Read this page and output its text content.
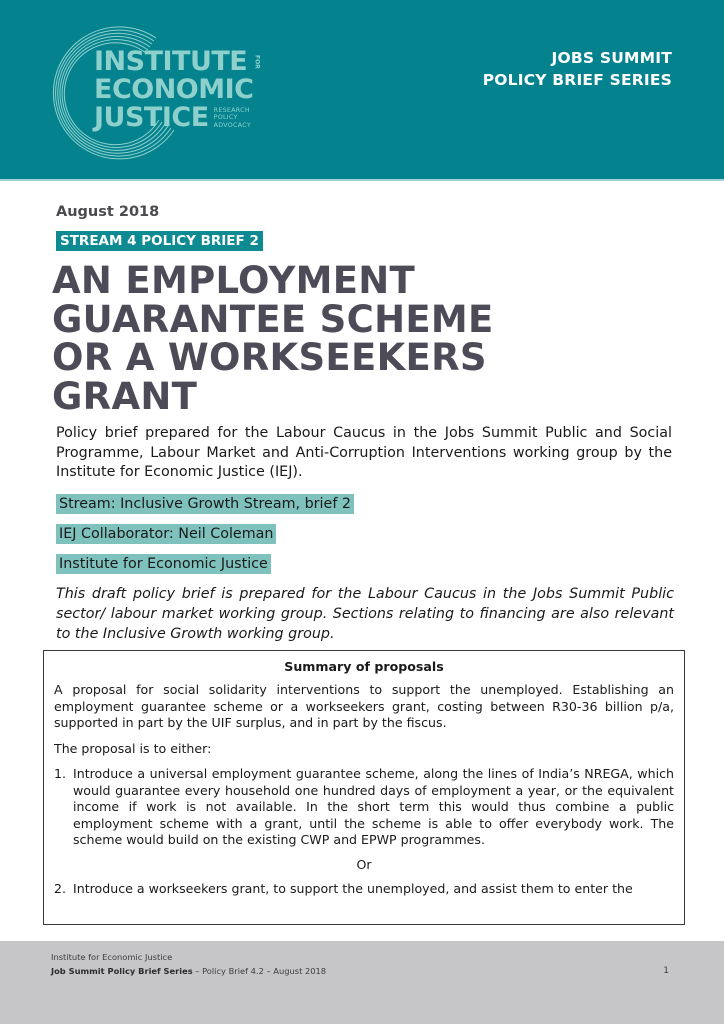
INSTITUTE	FOR
ECONOMIC
JUSTICE RESEARCH
POLICY
ADVOCACY
JOBS SUMMIT
POLICY BRIEF SERIES
August 2018
STREAM 4 POLICY BRIEF 2
AN EMPLOYMENT
GUARANTEE SCHEME
OR A WORKSEEKERS
GRANT
Policy brief prepared for the Labour Caucus in the Jobs Summit Public and Social Programme, Labour Market and Anti-Corruption Interventions working group by the Institute for Economic Justice (IEJ).
Stream: Inclusive Growth Stream, brief 2
IEJ Collaborator: Neil Coleman
Institute for Economic Justice
This draft policy brief is prepared for the Labour Caucus in the Jobs Summit Public sector/ labour market working group. Sections relating to financing are also relevant to the Inclusive Growth working group.
Summary of proposals

A proposal for social solidarity interventions to support the unemployed. Establishing an employment guarantee scheme or a workseekers grant, costing between R30-36 billion p/a, supported in part by the UIF surplus, and in part by the fiscus.

The proposal is to either:

1. Introduce a universal employment guarantee scheme, along the lines of India’s NREGA, which would guarantee every household one hundred days of employment a year, or the equivalent income if work is not available. In the short term this would thus combine a public employment scheme with a grant, until the scheme is able to offer everybody work. The scheme would build on the existing CWP and EPWP programmes.
Or
2. Introduce a workseekers grant, to support the unemployed, and assist them to enter the
Institute for Economic Justice
Job Summit Policy Brief Series – Policy Brief 4.2 – August 2018	1
